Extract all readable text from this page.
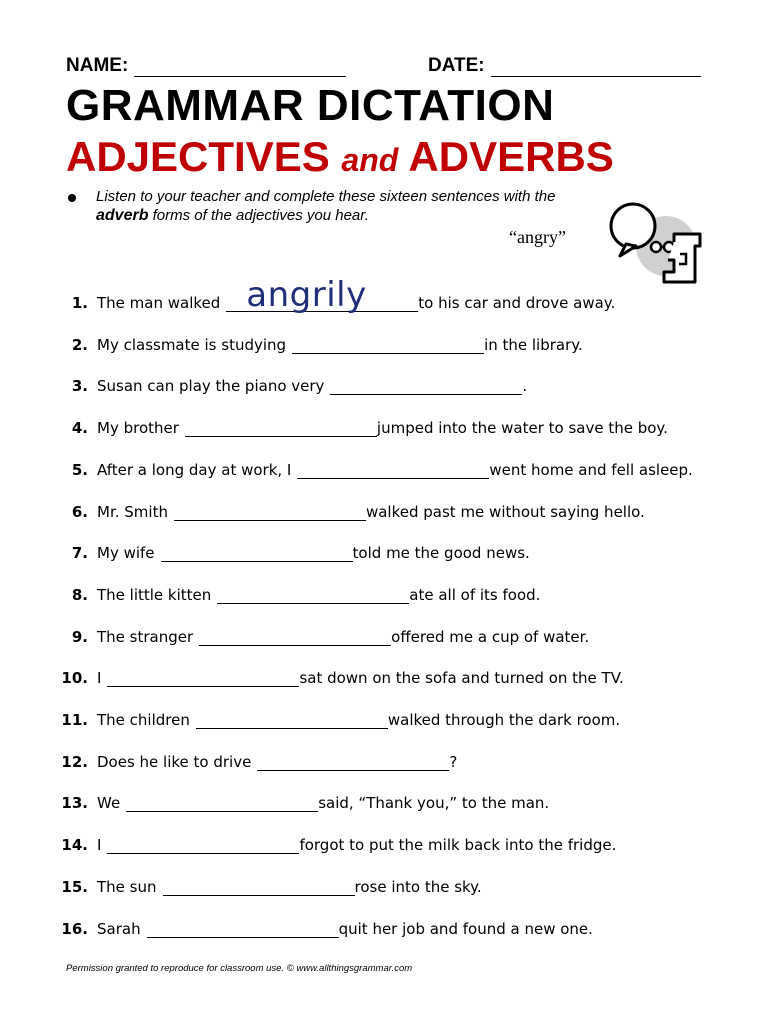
NAME:	DATE:
GRAMMAR DICTATION
ADJECTIVES and ADVERBS
Listen to your teacher and complete these sixteen sentences with the adverb forms of the adjectives you hear.
“angry”
1. The man walked angrily	to his car and drove away.
2. My classmate is studying	in the library.
3. Susan can play the piano very	.
4. My brother	jumped into the water to save the boy.
5. After a long day at work, I	went home and fell asleep.
6. Mr. Smith	walked past me without saying hello.
7. My wife	told me the good news.
8. The little kitten	ate all of its food.
9. The stranger	offered me a cup of water.
10. I	sat down on the sofa and turned on the TV.
11. The children	walked through the dark room.
12. Does he like to drive	?
13. We	said, “Thank you,” to the man.
14. I	forgot to put the milk back into the fridge.
15. The sun	rose into the sky.
16. Sarah	quit her job and found a new one.
Permission granted to reproduce for classroom use. © www.allthingsgrammar.com
